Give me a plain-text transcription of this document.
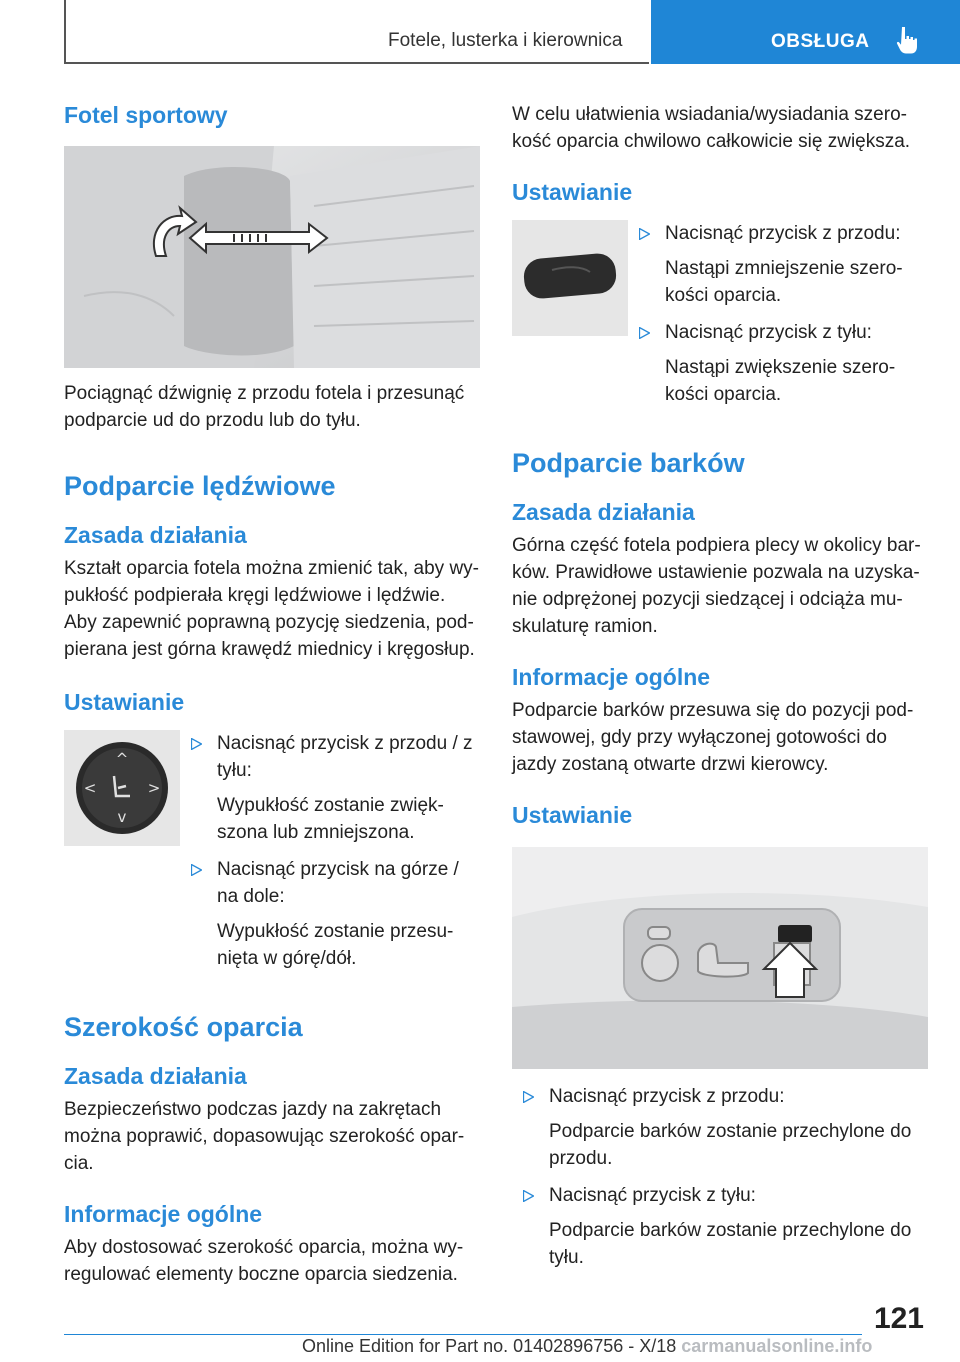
Fotele, lusterka i kierownica	OBSŁUGA
Fotel sportowy

Pociągnąć dźwignię z przodu fotela i przesunąć podparcie ud do przodu lub do tyłu.

Podparcie lędźwiowe
Zasada działania

Kształt oparcia fotela można zmienić tak, aby wy-pukłość podpierała kręgi lędźwiowe i lędźwie. Aby zapewnić poprawną pozycję siedzenia, pod-pierana jest górna krawędź miednicy i kręgosłup.

Ustawianie
^
v
<	>
Nacisnąć przycisk z przodu / z tyłu:
Wypukłość zostanie zwięk-szona lub zmniejszona.
Nacisnąć przycisk na górze / na dole:
Wypukłość zostanie przesu-nięta w górę/dół.
Szerokość oparcia
Zasada działania

Bezpieczeństwo podczas jazdy na zakrętach można poprawić, dopasowując szerokość opar-cia.

Informacje ogólne

Aby dostosować szerokość oparcia, można wy-regulować elementy boczne oparcia siedzenia.

W celu ułatwienia wsiadania/wysiadania szero-kość oparcia chwilowo całkowicie się zwiększa.

Ustawianie
Nacisnąć przycisk z przodu:
Nastąpi zmniejszenie szero-kości oparcia.
Nacisnąć przycisk z tyłu:
Nastąpi zwiększenie szero-kości oparcia.
Podparcie barków
Zasada działania

Górna część fotela podpiera plecy w okolicy bar-ków. Prawidłowe ustawienie pozwala na uzyska-nie odprężonej pozycji siedzącej i odciąża mu-skulaturę ramion.

Informacje ogólne

Podparcie barków przesuwa się do pozycji pod-stawowej, gdy przy wyłączonej gotowości do jazdy zostaną otwarte drzwi kierowcy.

Ustawianie
Nacisnąć przycisk z przodu:
Podparcie barków zostanie przechylone do przodu.
Nacisnąć przycisk z tyłu:
Podparcie barków zostanie przechylone do tyłu.
121
Online Edition for Part no. 01402896756 - X/18 carmanualsonline.info
